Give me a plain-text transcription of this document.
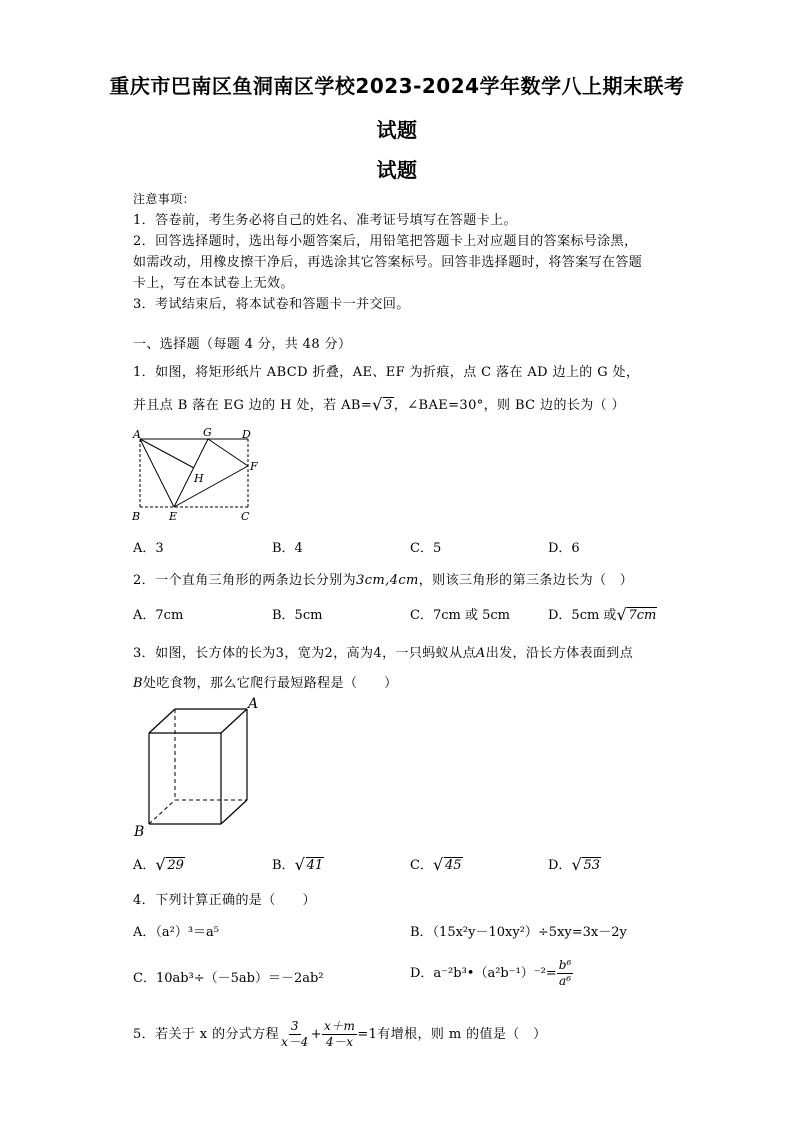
重庆市巴南区鱼洞南区学校2023-2024学年数学八上期末联考
试题
试题
注意事项：
1．答卷前，考生务必将自己的姓名、准考证号填写在答题卡上。
2．回答选择题时，选出每小题答案后，用铅笔把答题卡上对应题目的答案标号涂黑，
如需改动，用橡皮擦干净后，再选涂其它答案标号。回答非选择题时，将答案写在答题
卡上，写在本试卷上无效。
3．考试结束后，将本试卷和答题卡一并交回。
一、选择题（每题 4 分，共 48 分）
1．如图，将矩形纸片 ABCD 折叠，AE、EF 为折痕，点 C 落在 AD 边上的 G 处，
并且点 B 落在 EG 边的 H 处，若 AB= √ 3，∠BAE=30°，则 BC 边的长为（ ）
A	G	D
F
H
B	E	C
A．3	B．4	C．5	D．6
2．一个直角三角形的两条边长分别为3cm,4cm，则该三角形的第三条边长为（　）
A．7cm	B．5cm	C．7cm 或 5cm	D．5cm 或 √ 7cm
3．如图，长方体的长为3，宽为2，高为4，一只蚂蚁从点A出发，沿长方体表面到点
B处吃食物，那么它爬行最短路程是（　　）
A
B
A． √ 29	B． √ 41	C． √ 45	D． √ 53
4．下列计算正确的是（　　）
A．（a²）³＝a⁵	B．（15x²y－10xy²）÷5xy=3x－2y
C．10ab³÷（－5ab）＝－2ab²	D．a⁻²b³•（a²b⁻¹）⁻²= $\frac{\text{b⁶}}{\text{a⁶}}$
5．若关于 x 的分式方程 $\frac{3}{x-4} + \frac{x+m}{4-x} =1$有增根，则 m 的值是（　）
